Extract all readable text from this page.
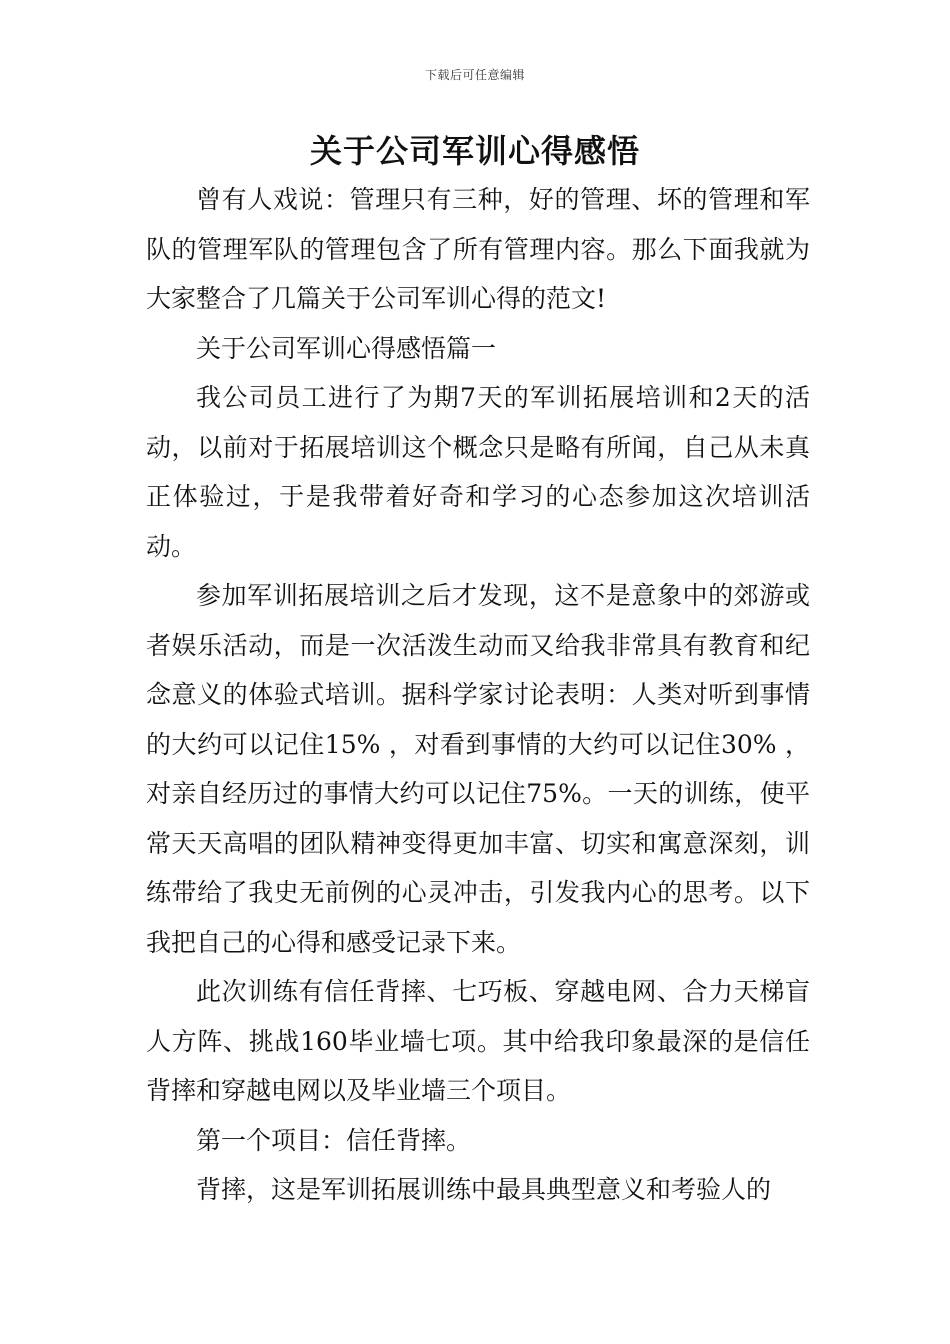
下载后可任意编辑
关于公司军训心得感悟

曾有人戏说：管理只有三种，好的管理、坏的管理和军队的管理军队的管理包含了所有管理内容。那么下面我就为大家整合了几篇关于公司军训心得的范文!

关于公司军训心得感悟篇一

我公司员工进行了为期7天的军训拓展培训和2天的活动，以前对于拓展培训这个概念只是略有所闻，自己从未真正体验过，于是我带着好奇和学习的心态参加这次培训活动。

参加军训拓展培训之后才发现，这不是意象中的郊游或者娱乐活动，而是一次活泼生动而又给我非常具有教育和纪念意义的体验式培训。据科学家讨论表明：人类对听到事情的大约可以记住15% ，对看到事情的大约可以记住30% ，对亲自经历过的事情大约可以记住75%。一天的训练，使平常天天高唱的团队精神变得更加丰富、切实和寓意深刻，训练带给了我史无前例的心灵冲击，引发我内心的思考。以下我把自己的心得和感受记录下来。

此次训练有信任背摔、七巧板、穿越电网、合力天梯盲人方阵、挑战160毕业墙七项。其中给我印象最深的是信任背摔和穿越电网以及毕业墙三个项目。

第一个项目：信任背摔。

背摔，这是军训拓展训练中最具典型意义和考验人的
